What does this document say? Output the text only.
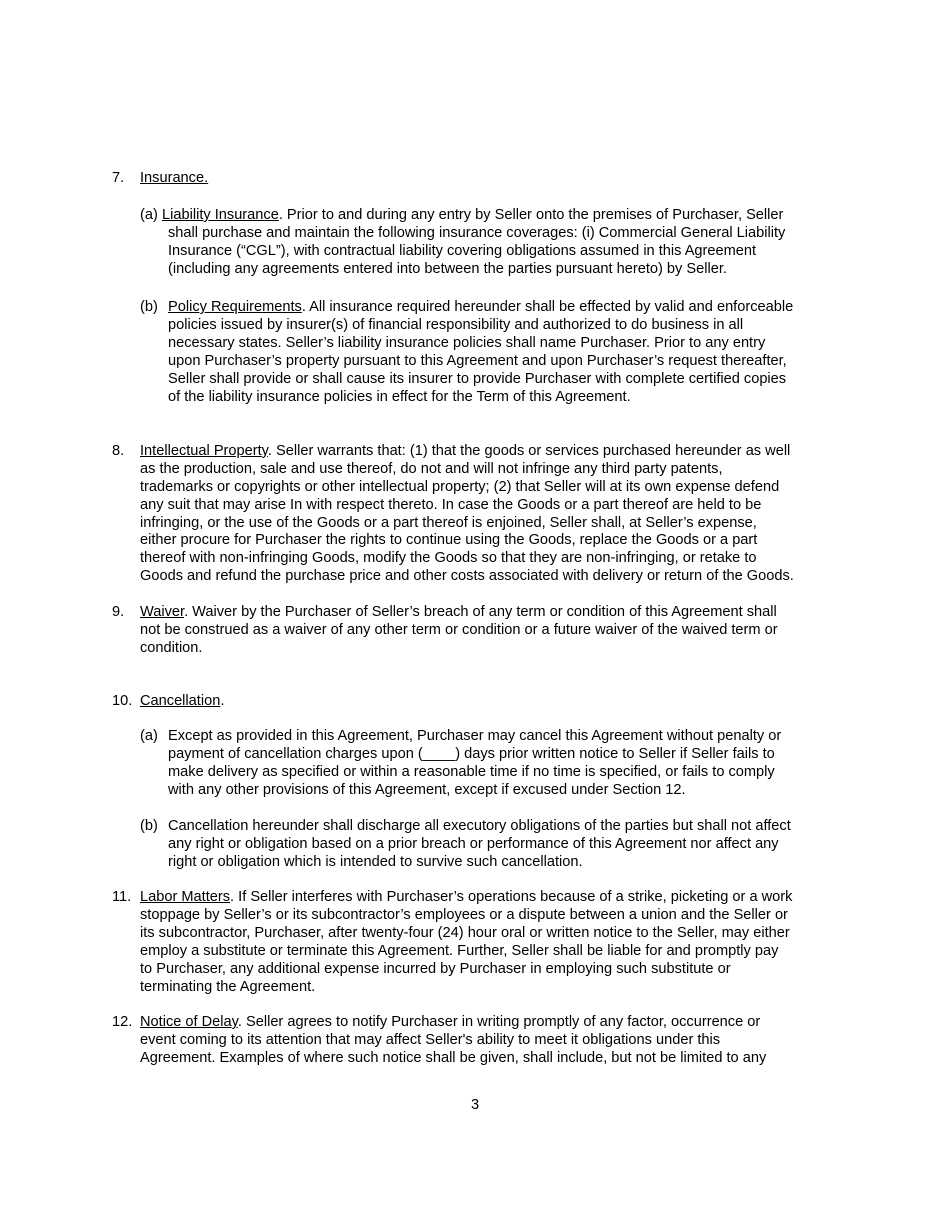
7. Insurance.
(a) Liability Insurance. Prior to and during any entry by Seller onto the premises of Purchaser, Seller
shall purchase and maintain the following insurance coverages: (i) Commercial General Liability
Insurance (“CGL”), with contractual liability covering obligations assumed in this Agreement
(including any agreements entered into between the parties pursuant hereto) by Seller.
(b) Policy Requirements. All insurance required hereunder shall be effected by valid and enforceable
policies issued by insurer(s) of financial responsibility and authorized to do business in all
necessary states. Seller’s liability insurance policies shall name Purchaser. Prior to any entry
upon Purchaser’s property pursuant to this Agreement and upon Purchaser’s request thereafter,
Seller shall provide or shall cause its insurer to provide Purchaser with complete certified copies
of the liability insurance policies in effect for the Term of this Agreement.
8. Intellectual Property. Seller warrants that: (1) that the goods or services purchased hereunder as well
as the production, sale and use thereof, do not and will not infringe any third party patents,
trademarks or copyrights or other intellectual property; (2) that Seller will at its own expense defend
any suit that may arise In with respect thereto. In case the Goods or a part thereof are held to be
infringing, or the use of the Goods or a part thereof is enjoined, Seller shall, at Seller’s expense,
either procure for Purchaser the rights to continue using the Goods, replace the Goods or a part
thereof with non-infringing Goods, modify the Goods so that they are non-infringing, or retake to
Goods and refund the purchase price and other costs associated with delivery or return of the Goods.
9. Waiver. Waiver by the Purchaser of Seller’s breach of any term or condition of this Agreement shall
not be construed as a waiver of any other term or condition or a future waiver of the waived term or
condition.
10. Cancellation.
(a) Except as provided in this Agreement, Purchaser may cancel this Agreement without penalty or
payment of cancellation charges upon (____) days prior written notice to Seller if Seller fails to
make delivery as specified or within a reasonable time if no time is specified, or fails to comply
with any other provisions of this Agreement, except if excused under Section 12.
(b) Cancellation hereunder shall discharge all executory obligations of the parties but shall not affect
any right or obligation based on a prior breach or performance of this Agreement nor affect any
right or obligation which is intended to survive such cancellation.
11. Labor Matters. If Seller interferes with Purchaser’s operations because of a strike, picketing or a work
stoppage by Seller’s or its subcontractor’s employees or a dispute between a union and the Seller or
its subcontractor, Purchaser, after twenty-four (24) hour oral or written notice to the Seller, may either
employ a substitute or terminate this Agreement. Further, Seller shall be liable for and promptly pay
to Purchaser, any additional expense incurred by Purchaser in employing such substitute or
terminating the Agreement.
12. Notice of Delay. Seller agrees to notify Purchaser in writing promptly of any factor, occurrence or
event coming to its attention that may affect Seller's ability to meet it obligations under this
Agreement. Examples of where such notice shall be given, shall include, but not be limited to any
3
